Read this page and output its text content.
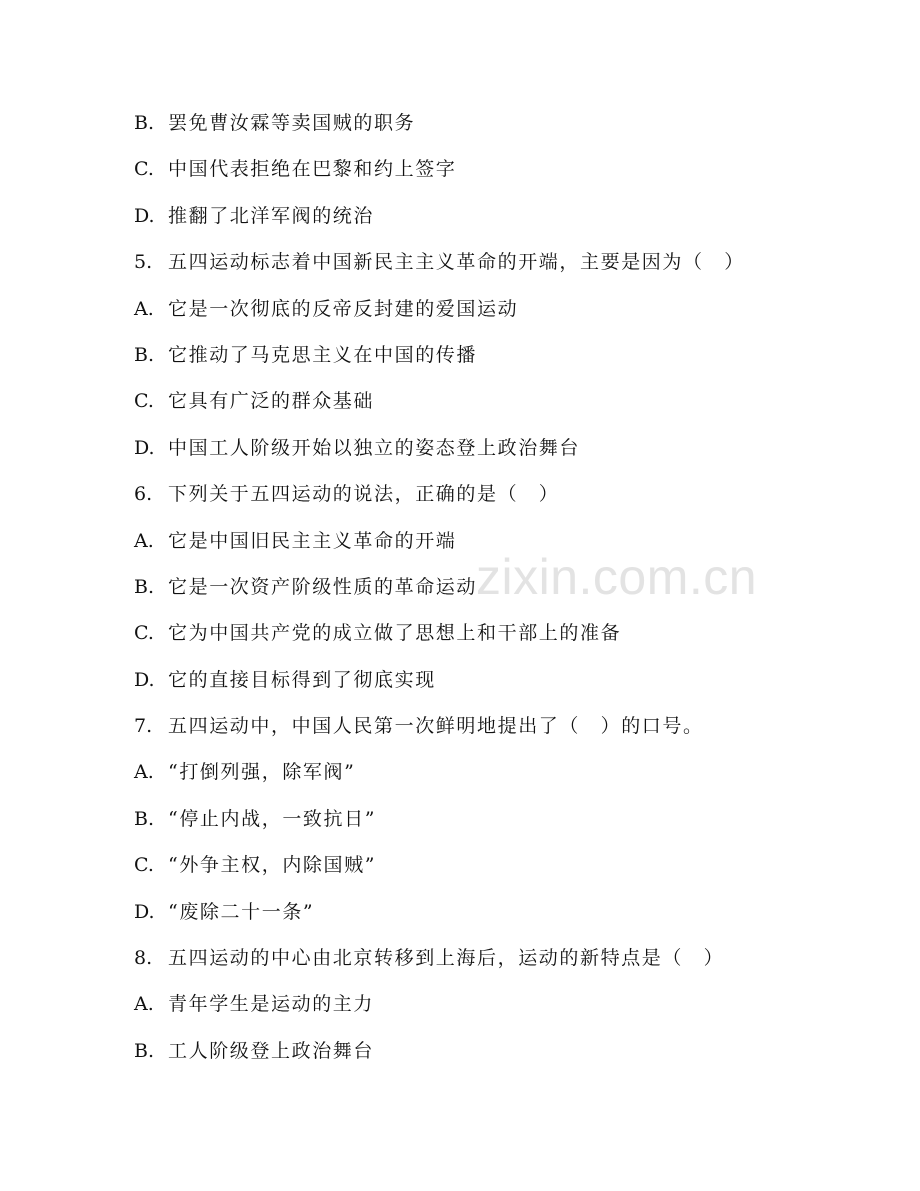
B. 罢免曹汝霖等卖国贼的职务
C. 中国代表拒绝在巴黎和约上签字
D. 推翻了北洋军阀的统治
5. 五四运动标志着中国新民主主义革命的开端，主要是因为（　）
A. 它是一次彻底的反帝反封建的爱国运动
B. 它推动了马克思主义在中国的传播
C. 它具有广泛的群众基础
D. 中国工人阶级开始以独立的姿态登上政治舞台
6. 下列关于五四运动的说法，正确的是（　）
A. 它是中国旧民主主义革命的开端
B. 它是一次资产阶级性质的革命运动
C. 它为中国共产党的成立做了思想上和干部上的准备
D. 它的直接目标得到了彻底实现
7. 五四运动中，中国人民第一次鲜明地提出了（　）的口号。
A. “打倒列强，除军阀”
B. “停止内战，一致抗日”
C. “外争主权，内除国贼”
D. “废除二十一条”
8. 五四运动的中心由北京转移到上海后，运动的新特点是（　）
A. 青年学生是运动的主力
B. 工人阶级登上政治舞台
zixin.com.cn
